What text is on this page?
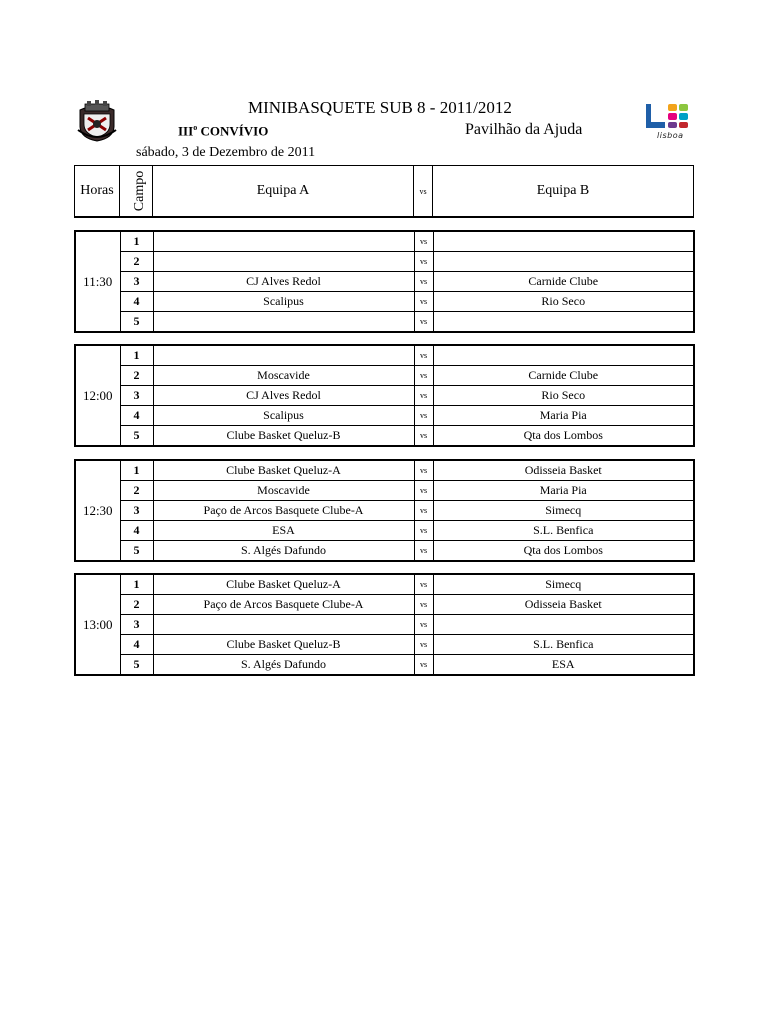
MINIBASQUETE SUB 8 - 2011/2012
III$^o$ CONVÍVIO	Pavilhão da Ajuda
sábado, 3 de Dezembro de 2011
lisboa
Horas	Campo	Equipa A	vs	Equipa B
11:30	1		vs	
	2		vs	
	3	CJ Alves Redol	vs	Carnide Clube
	4	Scalipus	vs	Rio Seco
	5		vs	
12:00	1		vs	
	2	Moscavide	vs	Carnide Clube
	3	CJ Alves Redol	vs	Rio Seco
	4	Scalipus	vs	Maria Pia
	5	Clube Basket Queluz-B	vs	Qta dos Lombos
12:30	1	Clube Basket Queluz-A	vs	Odisseia Basket
	2	Moscavide	vs	Maria Pia
	3	Paço de Arcos Basquete Clube-A	vs	Simecq
	4	ESA	vs	S.L. Benfica
	5	S. Algés Dafundo	vs	Qta dos Lombos
13:00	1	Clube Basket Queluz-A	vs	Simecq
	2	Paço de Arcos Basquete Clube-A	vs	Odisseia Basket
	3		vs	
	4	Clube Basket Queluz-B	vs	S.L. Benfica
	5	S. Algés Dafundo	vs	ESA
